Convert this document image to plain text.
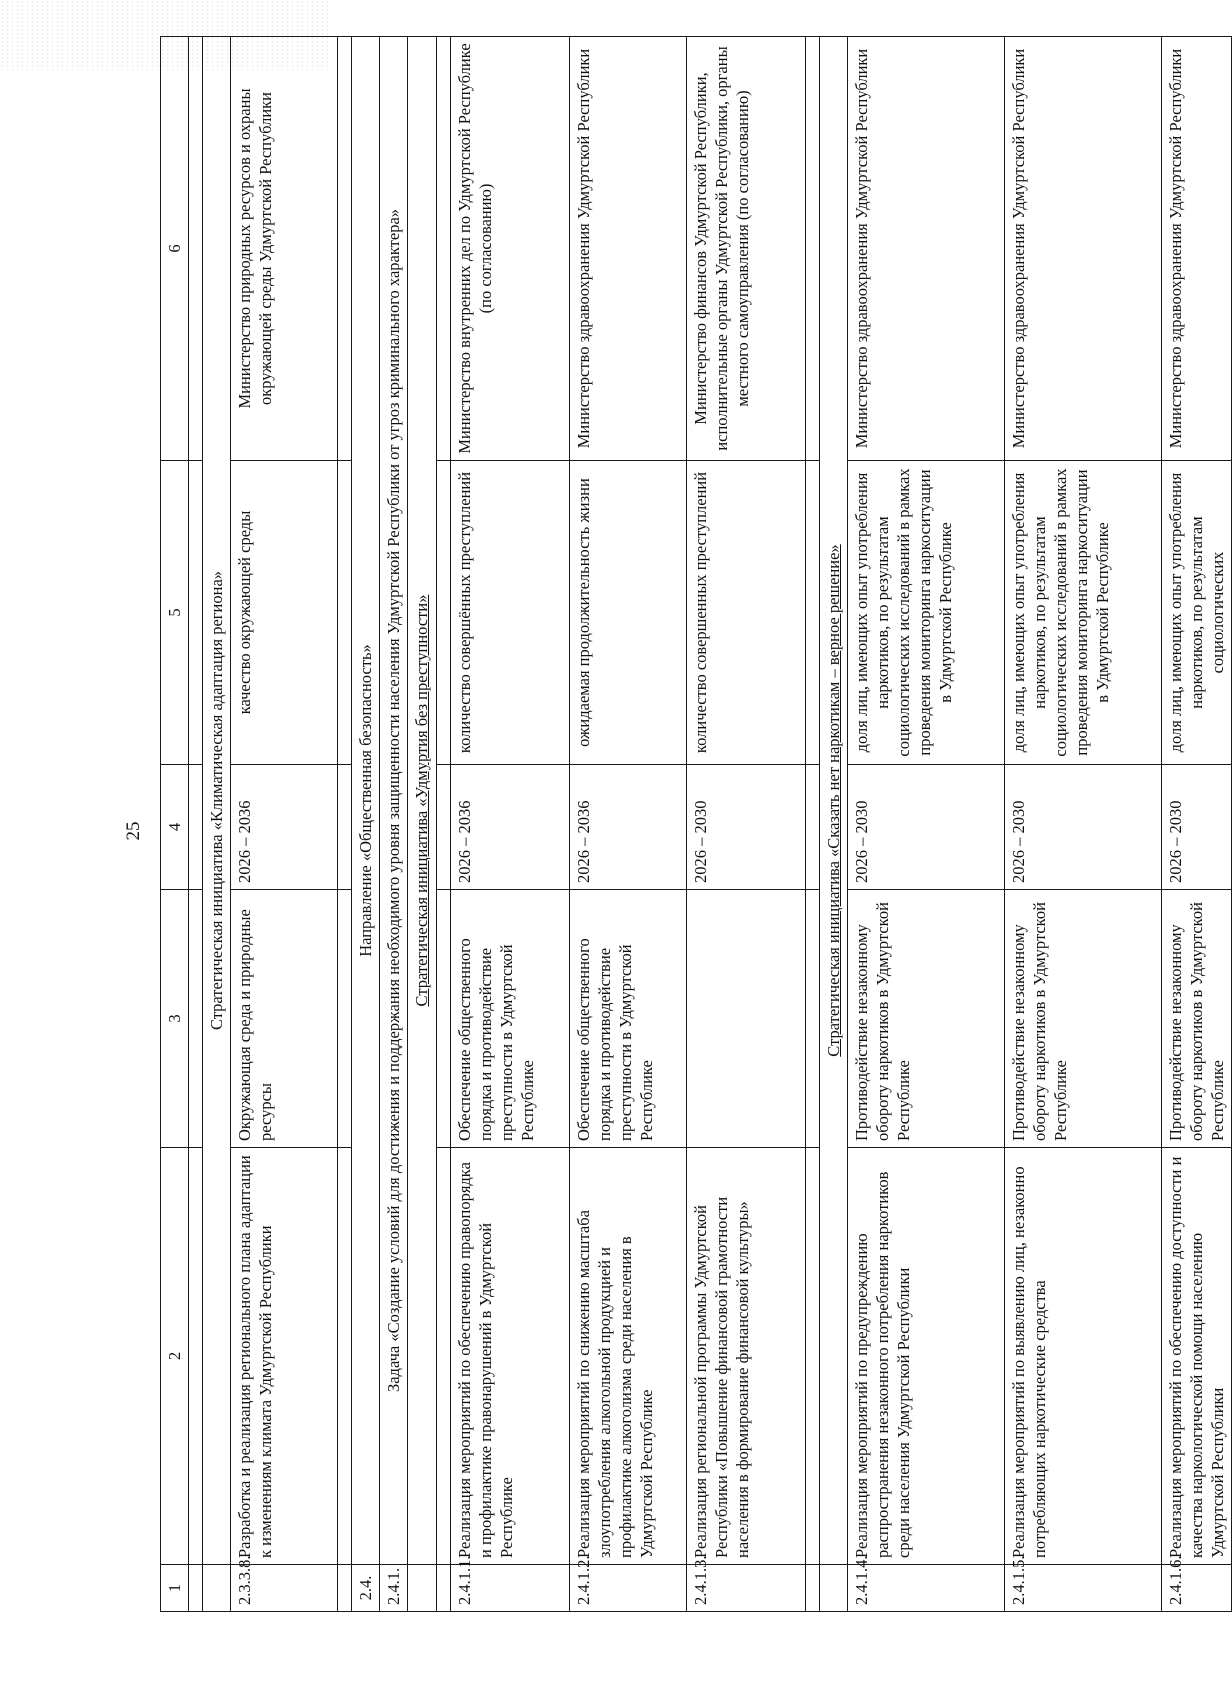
25
1	2	3	4	5	6

	Стратегическая инициатива «Климатическая адаптация региона»				
2.3.3.8.	Разработка и реализация регионального плана адаптации к изменениям климата Удмуртской Республики	Окружающая среда и природные ресурсы	2026 – 2036	качество окружающей среды	Министерство природных ресурсов и охраны окружающей среды Удмуртской Республики

2.4.	Направление «Общественная безопасность»				
2.4.1.	Задача «Создание условий для достижения и поддержания необходимого уровня защищенности населения Удмуртской Республики от угроз криминального характера»				
	Стратегическая инициатива «Удмуртия без преступности»				

2.4.1.1.	Реализация мероприятий по обеспечению правопорядка и профилактике правонарушений в Удмуртской Республике	Обеспечение общественного порядка и противодействие преступности в Удмуртской Республике	2026 – 2036	количество совершённых преступлений	Министерство внутренних дел по Удмуртской Республике (по согласованию)
2.4.1.2.	Реализация мероприятий по снижению масштаба злоупотребления алкогольной продукцией и профилактике алкоголизма среди населения в Удмуртской Республике	Обеспечение общественного порядка и противодействие преступности в Удмуртской Республике	2026 – 2036	ожидаемая продолжительность жизни	Министерство здравоохранения Удмуртской Республики
2.4.1.3.	Реализация региональной программы Удмуртской Республики «Повышение финансовой грамотности населения в формирование финансовой культуры»		2026 – 2030	количество совершенных преступлений	Министерство финансов Удмуртской Республики, исполнительные органы Удмуртской Республики, органы местного самоуправления (по согласованию)

	Стратегическая инициатива «Сказать нет наркотикам – верное решение»				
2.4.1.4.	Реализация мероприятий по предупреждению распространения незаконного потребления наркотиков среди населения Удмуртской Республики	Противодействие незаконному обороту наркотиков в Удмуртской Республике	2026 – 2030	доля лиц, имеющих опыт употребления наркотиков, по результатам социологических исследований в рамках проведения мониторинга наркоситуации в Удмуртской Республике	Министерство здравоохранения Удмуртской Республики
2.4.1.5.	Реализация мероприятий по выявлению лиц, незаконно потребляющих наркотические средства	Противодействие незаконному обороту наркотиков в Удмуртской Республике	2026 – 2030	доля лиц, имеющих опыт употребления наркотиков, по результатам социологических исследований в рамках проведения мониторинга наркоситуации в Удмуртской Республике	Министерство здравоохранения Удмуртской Республики
2.4.1.6.	Реализация мероприятий по обеспечению доступности и качества наркологической помощи населению Удмуртской Республики	Противодействие незаконному обороту наркотиков в Удмуртской Республике	2026 – 2030	доля лиц, имеющих опыт употребления наркотиков, по результатам социологических	Министерство здравоохранения Удмуртской Республики
